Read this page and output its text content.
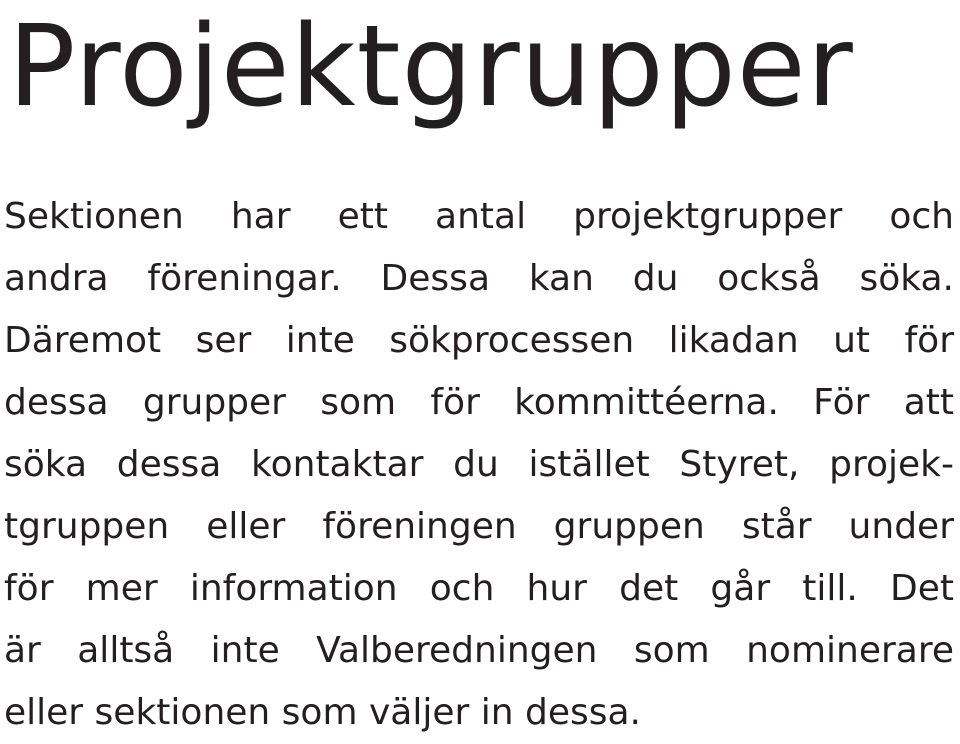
Projektgrupper
Sektionen har ett antal projektgrupper och
andra föreningar. Dessa kan du också söka.
Däremot ser inte sökprocessen likadan ut för
dessa grupper som för kommittéerna. För att
söka dessa kontaktar du istället Styret, projek-
tgruppen eller föreningen gruppen står under
för mer information och hur det går till. Det
är alltså inte Valberedningen som nominerare
eller sektionen som väljer in dessa.
